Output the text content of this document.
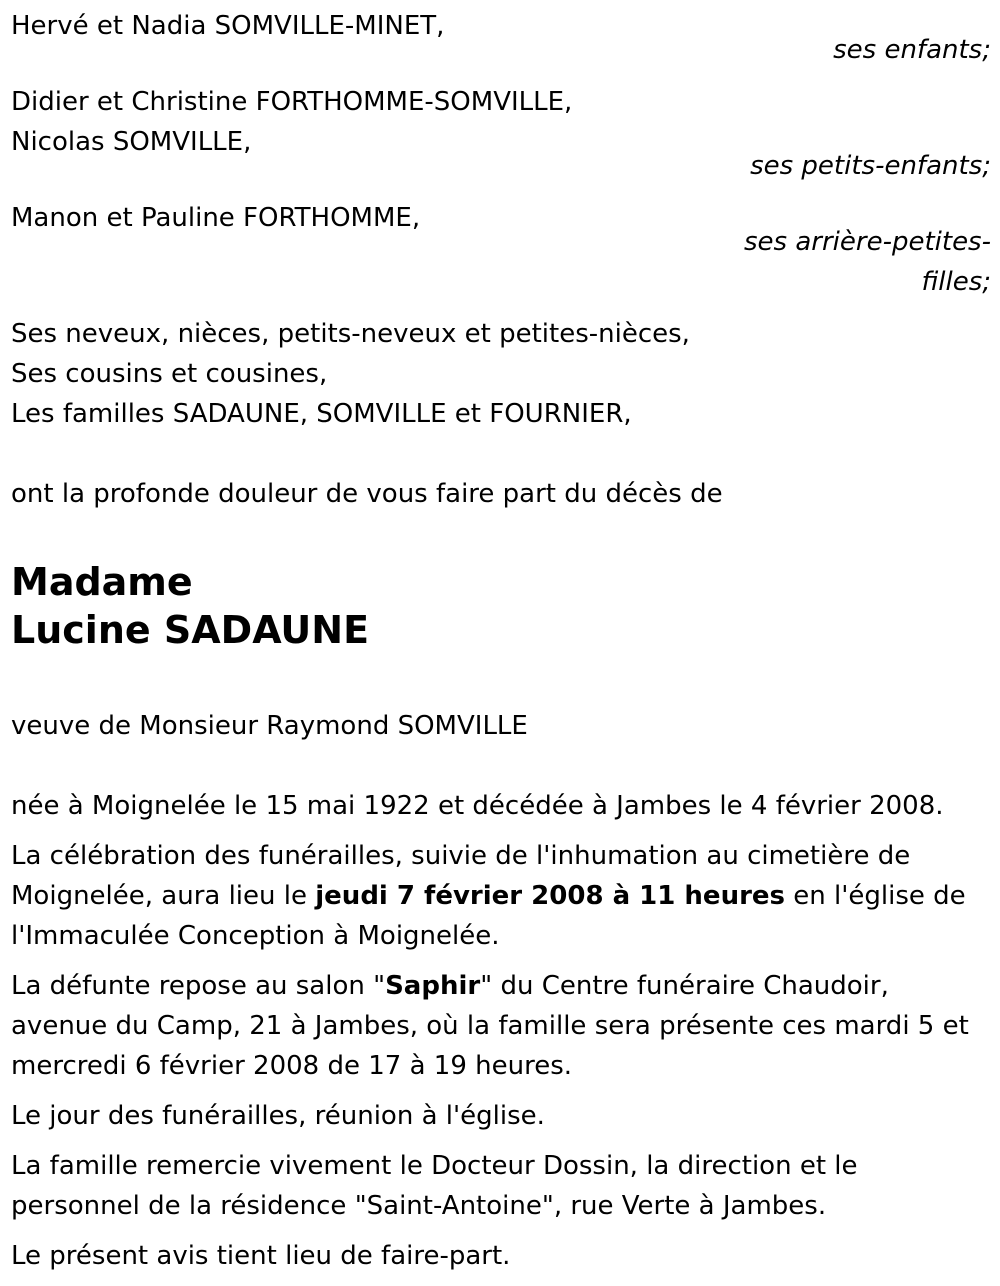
Hervé et Nadia SOMVILLE-MINET,
ses enfants;
Didier et Christine FORTHOMME-SOMVILLE,
Nicolas SOMVILLE,
ses petits-enfants;
Manon et Pauline FORTHOMME,
ses arrière-petites-
filles;
Ses neveux, nièces, petits-neveux et petites-nièces,
Ses cousins et cousines,
Les familles SADAUNE, SOMVILLE et FOURNIER,
ont la profonde douleur de vous faire part du décès de
Madame
Lucine SADAUNE
veuve de Monsieur Raymond SOMVILLE

née à Moignelée le 15 mai 1922 et décédée à Jambes le 4 février 2008.

La célébration des funérailles, suivie de l'inhumation au cimetière de Moignelée, aura lieu le jeudi 7 février 2008 à 11 heures en l'église de l'Immaculée Conception à Moignelée.

La défunte repose au salon "Saphir" du Centre funéraire Chaudoir, avenue du Camp, 21 à Jambes, où la famille sera présente ces mardi 5 et mercredi 6 février 2008 de 17 à 19 heures.

Le jour des funérailles, réunion à l'église.

La famille remercie vivement le Docteur Dossin, la direction et le personnel de la résidence "Saint-Antoine", rue Verte à Jambes.

Le présent avis tient lieu de faire-part.
